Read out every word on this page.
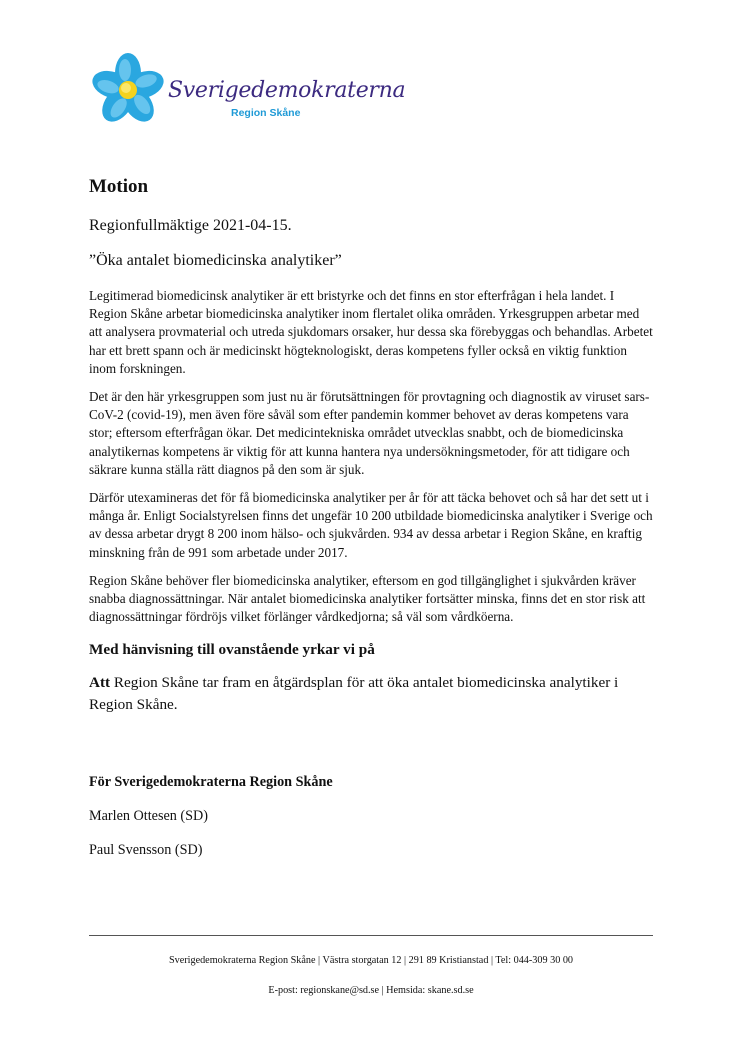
Sverigedemokraterna
Region Skåne
Motion

Regionfullmäktige 2021-04-15.

”Öka antalet biomedicinska analytiker”

Legitimerad biomedicinsk analytiker är ett bristyrke och det finns en stor efterfrågan i hela landet. I Region Skåne arbetar biomedicinska analytiker inom flertalet olika områden. Yrkesgruppen arbetar med att analysera provmaterial och utreda sjukdomars orsaker, hur dessa ska förebyggas och behandlas. Arbetet har ett brett spann och är medicinskt högteknologiskt, deras kompetens fyller också en viktig funktion inom forskningen.

Det är den här yrkesgruppen som just nu är förutsättningen för provtagning och diagnostik av viruset sars-CoV-2 (covid-19), men även före såväl som efter pandemin kommer behovet av deras kompetens vara stor; eftersom efterfrågan ökar. Det medicintekniska området utvecklas snabbt, och de biomedicinska analytikernas kompetens är viktig för att kunna hantera nya undersökningsmetoder, för att tidigare och säkrare kunna ställa rätt diagnos på den som är sjuk.

Därför utexamineras det för få biomedicinska analytiker per år för att täcka behovet och så har det sett ut i många år. Enligt Socialstyrelsen finns det ungefär 10 200 utbildade biomedicinska analytiker i Sverige och av dessa arbetar drygt 8 200 inom hälso- och sjukvården. 934 av dessa arbetar i Region Skåne, en kraftig minskning från de 991 som arbetade under 2017.

Region Skåne behöver fler biomedicinska analytiker, eftersom en god tillgänglighet i sjukvården kräver snabba diagnossättningar. När antalet biomedicinska analytiker fortsätter minska, finns det en stor risk att diagnossättningar fördröjs vilket förlänger vårdkedjorna; så väl som vårdköerna.

Med hänvisning till ovanstående yrkar vi på

Att Region Skåne tar fram en åtgärdsplan för att öka antalet biomedicinska analytiker i Region Skåne.

För Sverigedemokraterna Region Skåne

Marlen Ottesen (SD)

Paul Svensson (SD)

Sverigedemokraterna Region Skåne | Västra storgatan 12 | 291 89 Kristianstad | Tel: 044-309 30 00
E-post: regionskane@sd.se | Hemsida: skane.sd.se
